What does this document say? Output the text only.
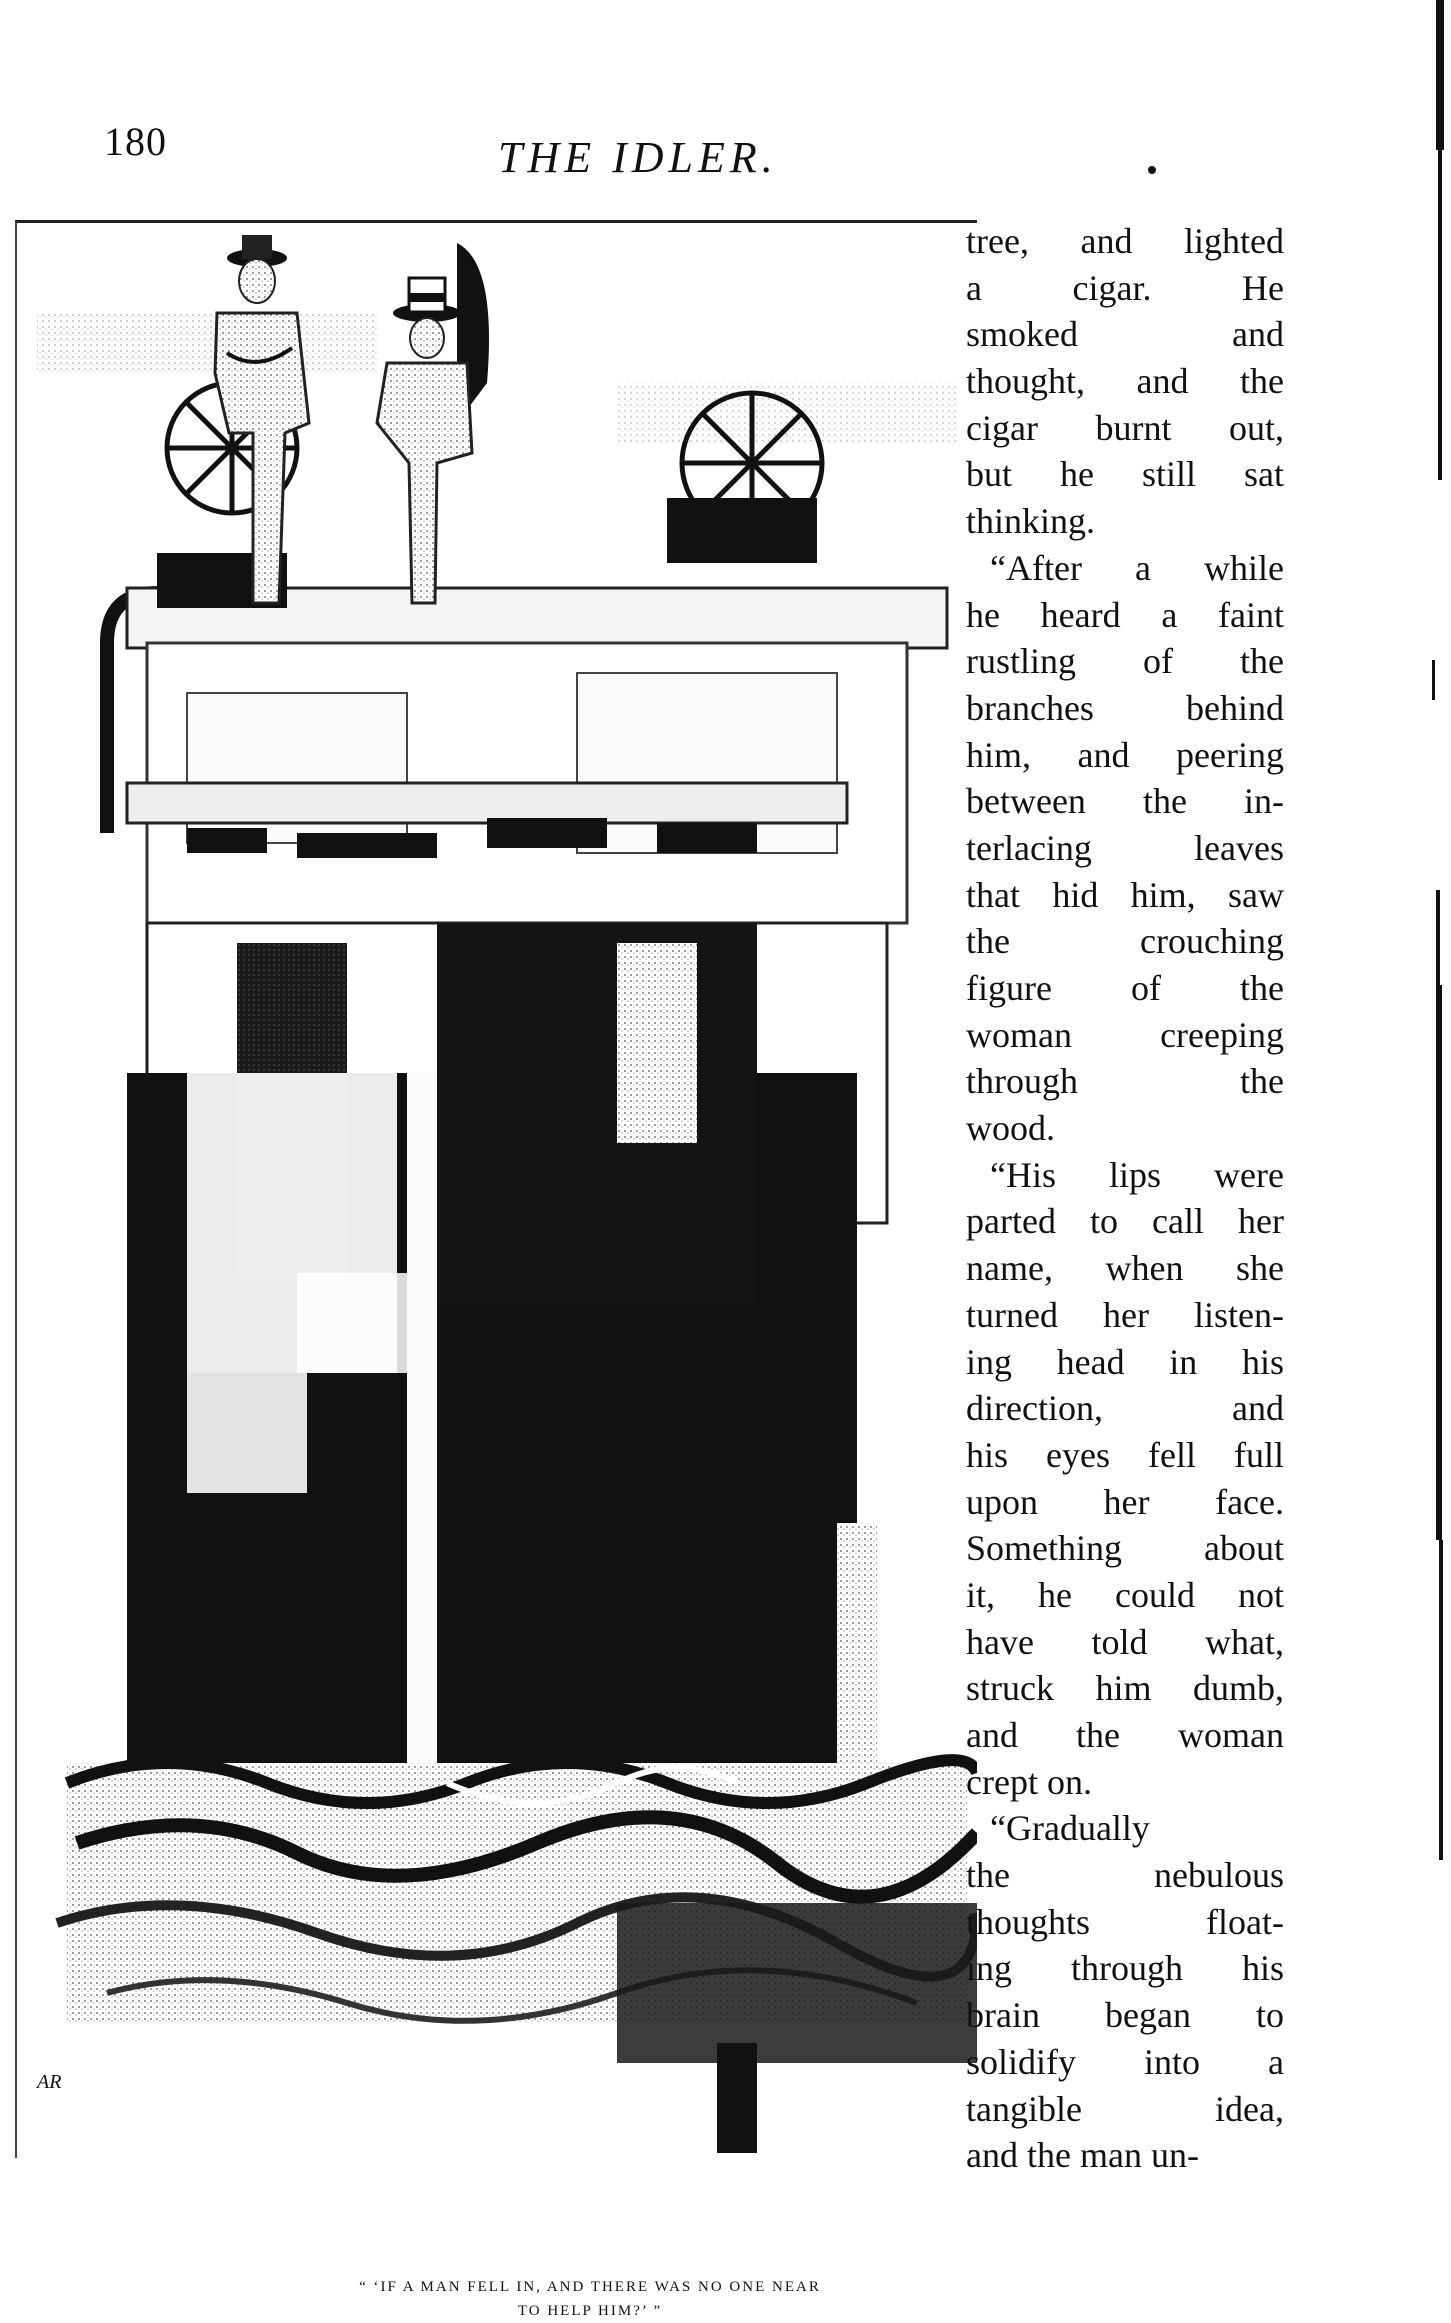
180	THE IDLER.
AR
tree, and lighted
a cigar. He
smoked and
thought, and the
cigar burnt out,
but he still sat
thinking.
“After a while
he heard a faint
rustling of the
branches behind
him, and peering
between the in-
terlacing leaves
that hid him, saw
the crouching
figure of the
woman creeping
through the
wood.
“His lips were
parted to call her
name, when she
turned her listen-
ing head in his
direction, and
his eyes fell full
upon her face.
Something about
it, he could not
have told what,
struck him dumb,
and the woman
crept on.
“Gradually
the nebulous
thoughts float-
ing through his
brain began to
solidify into a
tangible idea,
and the man un-
“ ‘IF A MAN FELL IN, AND THERE WAS NO ONE NEAR
TO HELP HIM?’ ”
